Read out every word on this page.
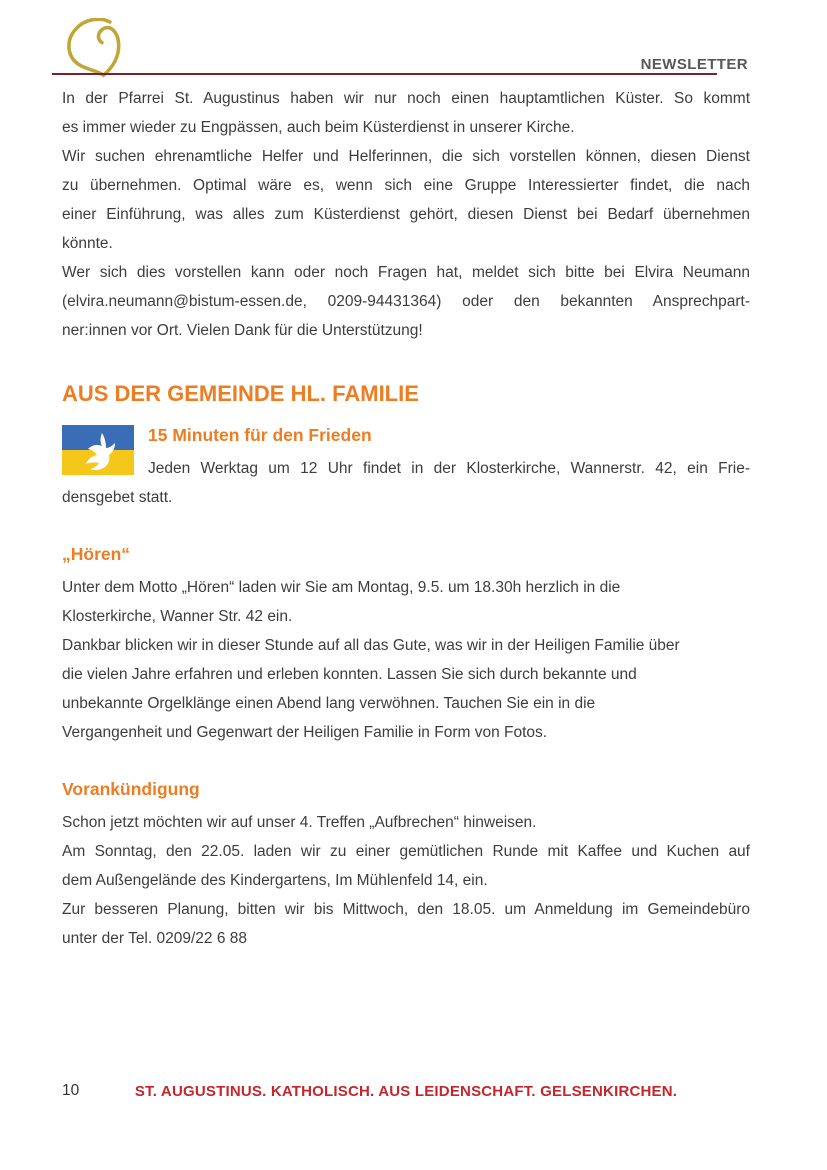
NEWSLETTER
In der Pfarrei St. Augustinus haben wir nur noch einen hauptamtlichen Küster. So kommt
es immer wieder zu Engpässen, auch beim Küsterdienst in unserer Kirche.
Wir suchen ehrenamtliche Helfer und Helferinnen, die sich vorstellen können, diesen Dienst
zu übernehmen. Optimal wäre es, wenn sich eine Gruppe Interessierter findet, die nach
einer Einführung, was alles zum Küsterdienst gehört, diesen Dienst bei Bedarf übernehmen
könnte.
Wer sich dies vorstellen kann oder noch Fragen hat, meldet sich bitte bei Elvira Neumann
(elvira.neumann@bistum-essen.de, 0209-94431364) oder den bekannten Ansprechpart-
ner:innen vor Ort. Vielen Dank für die Unterstützung!
AUS DER GEMEINDE HL. FAMILIE
15 Minuten für den Frieden
Jeden Werktag um 12 Uhr findet in der Klosterkirche, Wannerstr. 42, ein Frie-
densgebet statt.
„Hören“
Unter dem Motto „Hören“ laden wir Sie am Montag, 9.5. um 18.30h herzlich in die
Klosterkirche, Wanner Str. 42 ein.
Dankbar blicken wir in dieser Stunde auf all das Gute, was wir in der Heiligen Familie über
die vielen Jahre erfahren und erleben konnten. Lassen Sie sich durch bekannte und
unbekannte Orgelklänge einen Abend lang verwöhnen. Tauchen Sie ein in die
Vergangenheit und Gegenwart der Heiligen Familie in Form von Fotos.
Vorankündigung
Schon jetzt möchten wir auf unser 4. Treffen „Aufbrechen“ hinweisen.
Am Sonntag, den 22.05. laden wir zu einer gemütlichen Runde mit Kaffee und Kuchen auf
dem Außengelände des Kindergartens, Im Mühlenfeld 14, ein.
Zur besseren Planung, bitten wir bis Mittwoch, den 18.05. um Anmeldung im Gemeindebüro
unter der Tel. 0209/22 6 88
10	ST. AUGUSTINUS. KATHOLISCH. AUS LEIDENSCHAFT. GELSENKIRCHEN.
